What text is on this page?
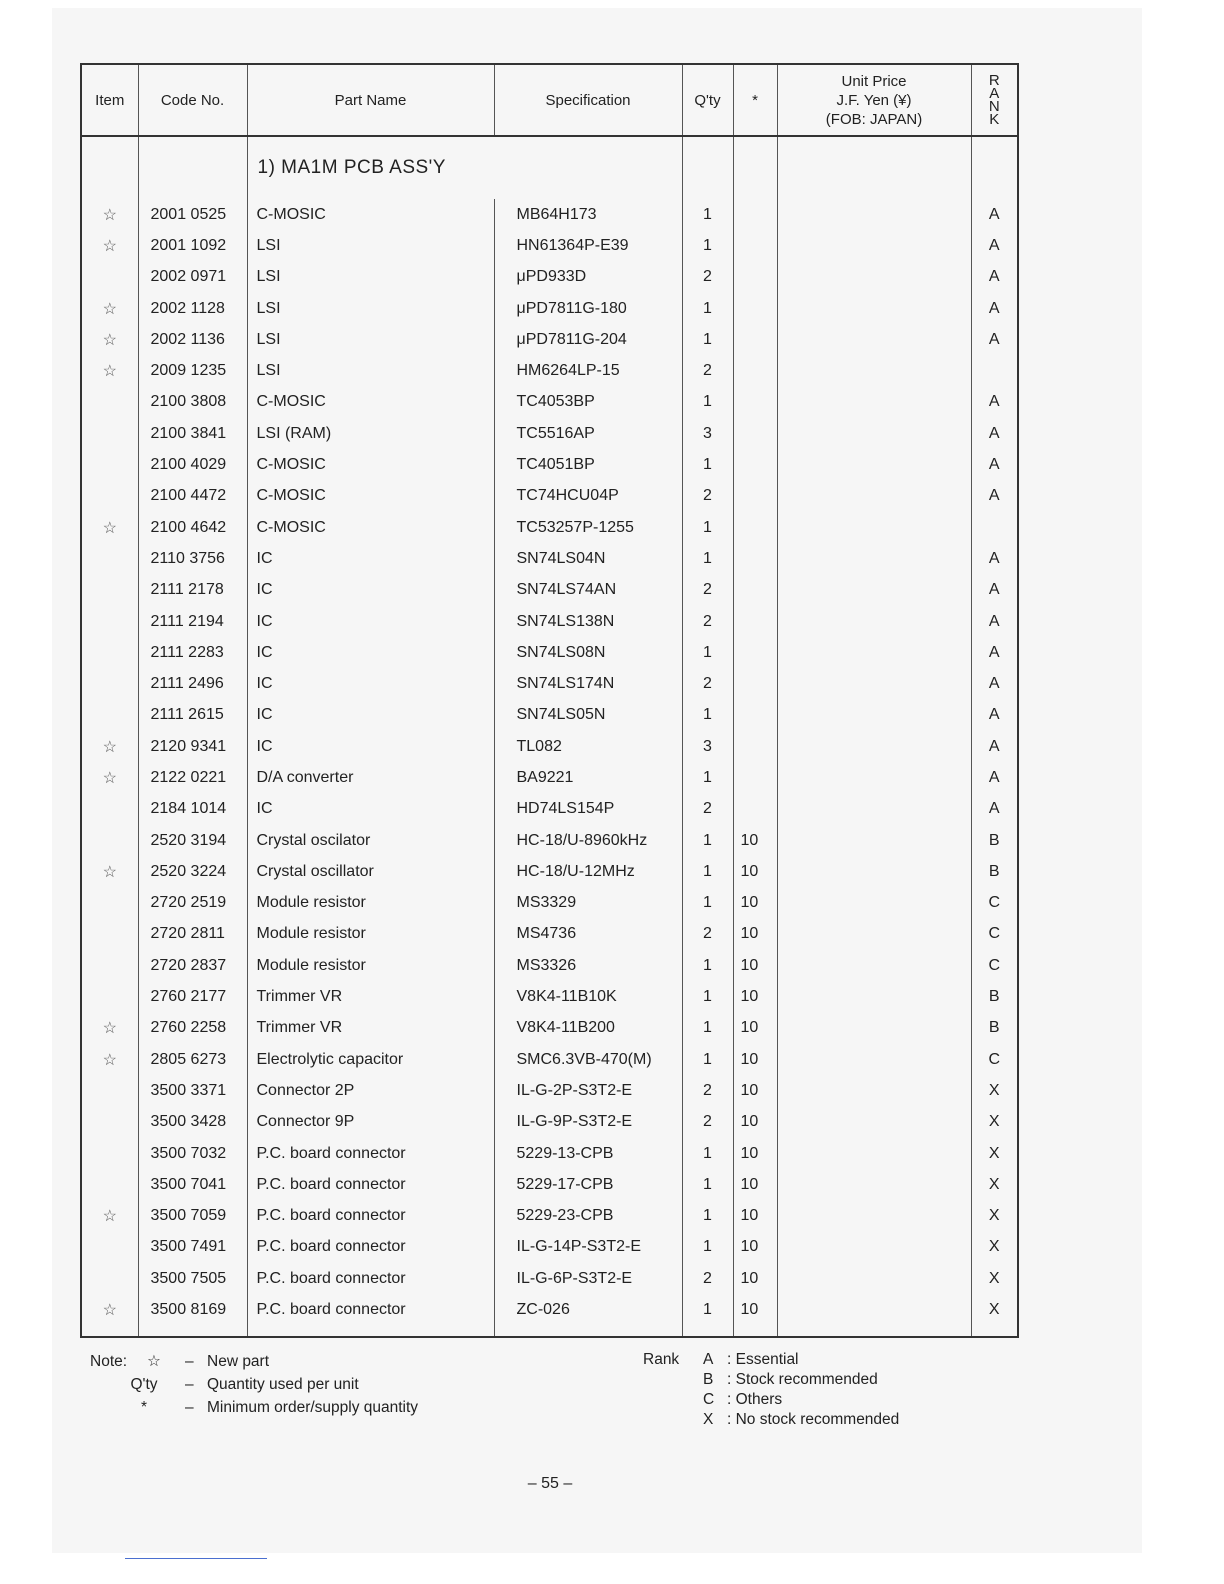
Item	Code No.	Part Name	Specification	Q'ty	*	Unit Price
J.F. Yen (¥)
(FOB: JAPAN)	R
A
N
K

		1) MA1M PCB ASS'Y					
☆	2001 0525	C-MOSIC	MB64H173	1			A
☆	2001 1092	LSI	HN61364P-E39	1			A
	2002 0971	LSI	μPD933D	2			A
☆	2002 1128	LSI	μPD7811G-180	1			A
☆	2002 1136	LSI	μPD7811G-204	1			A
☆	2009 1235	LSI	HM6264LP-15	2			
	2100 3808	C-MOSIC	TC4053BP	1			A
	2100 3841	LSI (RAM)	TC5516AP	3			A
	2100 4029	C-MOSIC	TC4051BP	1			A
	2100 4472	C-MOSIC	TC74HCU04P	2			A
☆	2100 4642	C-MOSIC	TC53257P-1255	1			
	2110 3756	IC	SN74LS04N	1			A
	2111 2178	IC	SN74LS74AN	2			A
	2111 2194	IC	SN74LS138N	2			A
	2111 2283	IC	SN74LS08N	1			A
	2111 2496	IC	SN74LS174N	2			A
	2111 2615	IC	SN74LS05N	1			A
☆	2120 9341	IC	TL082	3			A
☆	2122 0221	D/A converter	BA9221	1			A
	2184 1014	IC	HD74LS154P	2			A
	2520 3194	Crystal oscilator	HC-18/U-8960kHz	1	10		B
☆	2520 3224	Crystal oscillator	HC-18/U-12MHz	1	10		B
	2720 2519	Module resistor	MS3329	1	10		C
	2720 2811	Module resistor	MS4736	2	10		C
	2720 2837	Module resistor	MS3326	1	10		C
	2760 2177	Trimmer VR	V8K4-11B10K	1	10		B
☆	2760 2258	Trimmer VR	V8K4-11B200	1	10		B
☆	2805 6273	Electrolytic capacitor	SMC6.3VB-470(M)	1	10		C
	3500 3371	Connector 2P	IL-G-2P-S3T2-E	2	10		X
	3500 3428	Connector 9P	IL-G-9P-S3T2-E	2	10		X
	3500 7032	P.C. board connector	5229-13-CPB	1	10		X
	3500 7041	P.C. board connector	5229-17-CPB	1	10		X
☆	3500 7059	P.C. board connector	5229-23-CPB	1	10		X
	3500 7491	P.C. board connector	IL-G-14P-S3T2-E	1	10		X
	3500 7505	P.C. board connector	IL-G-6P-S3T2-E	2	10		X
☆	3500 8169	P.C. board connector	ZC-026	1	10		X

Note:	☆	– New part
Q'ty	– Quantity used per unit
*	– Minimum order/supply quantity
Rank A : Essential
B : Stock recommended
C : Others
X : No stock recommended
– 55 –
